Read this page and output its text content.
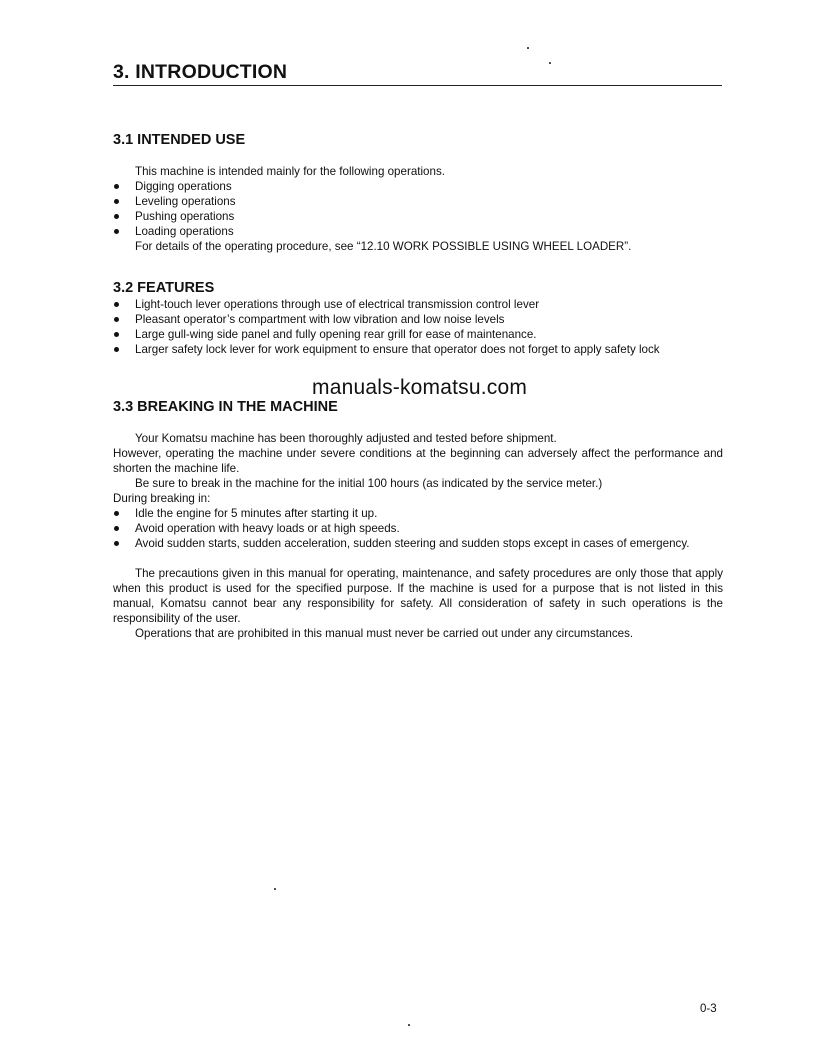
3. INTRODUCTION
3.1 INTENDED USE
This machine is intended mainly for the following operations.
Digging operations
Leveling operations
Pushing operations
Loading operations
For details of the operating procedure, see “12.10 WORK POSSIBLE USING WHEEL LOADER”.
3.2 FEATURES
Light-touch lever operations through use of electrical transmission control lever
Pleasant operator’s compartment with low vibration and low noise levels
Large gull-wing side panel and fully opening rear grill for ease of maintenance.
Larger safety lock lever for work equipment to ensure that operator does not forget to apply safety lock
manuals-komatsu.com
3.3 BREAKING IN THE MACHINE
Your Komatsu machine has been thoroughly adjusted and tested before shipment.
However, operating the machine under severe conditions at the beginning can adversely affect the performance and shorten the machine life.
Be sure to break in the machine for the initial 100 hours (as indicated by the service meter.)
During breaking in:
Idle the engine for 5 minutes after starting it up.
Avoid operation with heavy loads or at high speeds.
Avoid sudden starts, sudden acceleration, sudden steering and sudden stops except in cases of emergency.
The precautions given in this manual for operating, maintenance, and safety procedures are only those that apply when this product is used for the specified purpose. If the machine is used for a purpose that is not listed in this manual, Komatsu cannot bear any responsibility for safety. All consideration of safety in such operations is the responsibility of the user.
Operations that are prohibited in this manual must never be carried out under any circumstances.
0-3
